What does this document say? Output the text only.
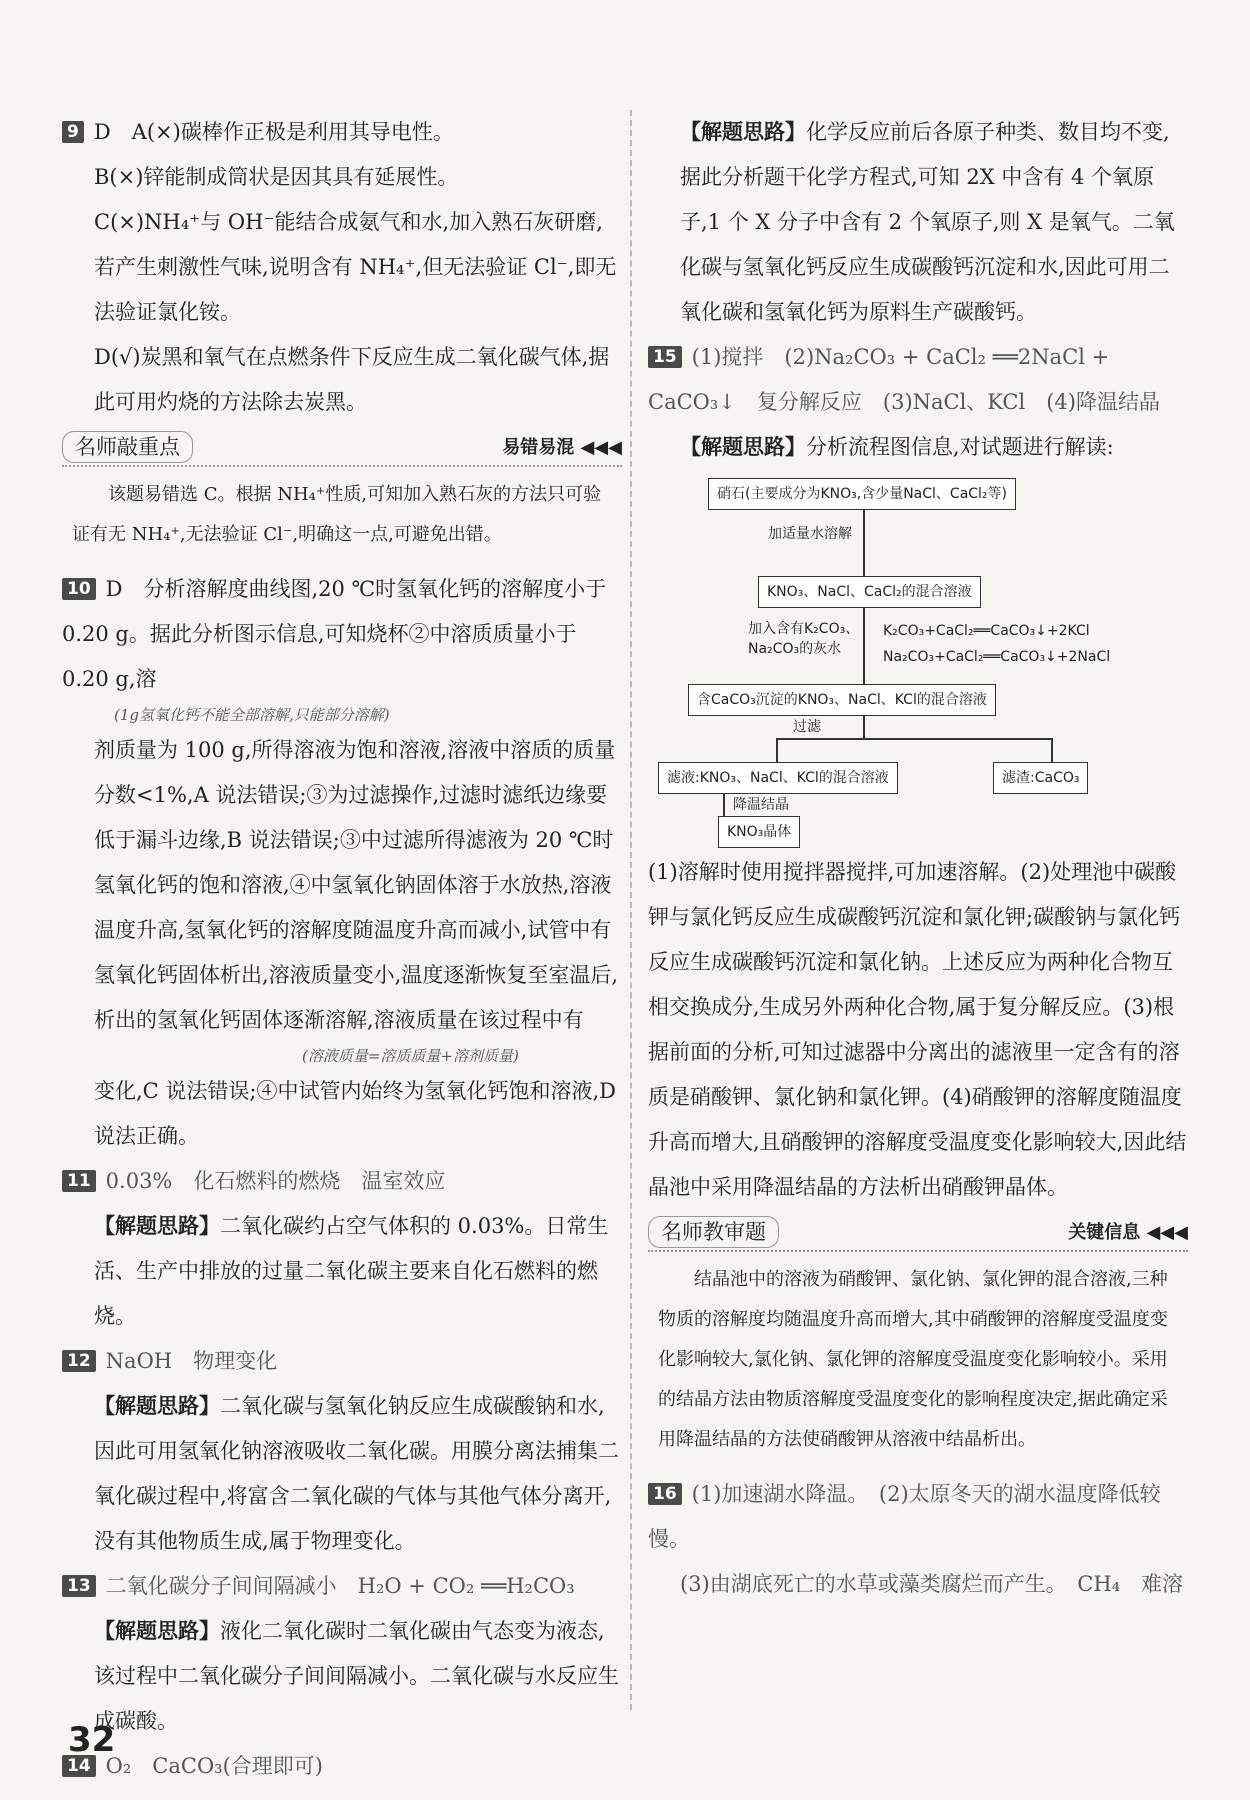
9 D　A(×)碳棒作正极是利用其导电性。

B(×)锌能制成筒状是因其具有延展性。

C(×)NH₄⁺与 OH⁻能结合成氨气和水,加入熟石灰研磨,若产生刺激性气味,说明含有 NH₄⁺,但无法验证 Cl⁻,即无法验证氯化铵。

D(√)炭黑和氧气在点燃条件下反应生成二氧化碳气体,据此可用灼烧的方法除去炭黑。

名师敲重点	易错易混 ◀◀◀
该题易错选 C。根据 NH₄⁺性质,可知加入熟石灰的方法只可验证有无 NH₄⁺,无法验证 Cl⁻,明确这一点,可避免出错。

10 D　分析溶解度曲线图,20 ℃时氢氧化钙的溶解度小于 0.20 g。据此分析图示信息,可知烧杯②中溶质质量小于0.20 g,溶

(1g氢氧化钙不能全部溶解,只能部分溶解)

剂质量为 100 g,所得溶液为饱和溶液,溶液中溶质的质量分数<1%,A 说法错误;③为过滤操作,过滤时滤纸边缘要低于漏斗边缘,B 说法错误;③中过滤所得滤液为 20 ℃时氢氧化钙的饱和溶液,④中氢氧化钠固体溶于水放热,溶液温度升高,氢氧化钙的溶解度随温度升高而减小,试管中有氢氧化钙固体析出,溶液质量变小,温度逐渐恢复至室温后,析出的氢氧化钙固体逐渐溶解,溶液质量在该过程中有

(溶液质量=溶质质量+溶剂质量)

变化,C 说法错误;④中试管内始终为氢氧化钙饱和溶液,D 说法正确。

11 0.03%　化石燃料的燃烧　温室效应

【解题思路】二氧化碳约占空气体积的 0.03%。日常生活、生产中排放的过量二氧化碳主要来自化石燃料的燃烧。

12 NaOH　物理变化

【解题思路】二氧化碳与氢氧化钠反应生成碳酸钠和水,因此可用氢氧化钠溶液吸收二氧化碳。用膜分离法捕集二氧化碳过程中,将富含二氧化碳的气体与其他气体分离开,没有其他物质生成,属于物理变化。

13 二氧化碳分子间间隔减小　H₂O + CO₂ ══H₂CO₃

【解题思路】液化二氧化碳时二氧化碳由气态变为液态,该过程中二氧化碳分子间间隔减小。二氧化碳与水反应生成碳酸。

14 O₂　CaCO₃(合理即可)

【解题思路】化学反应前后各原子种类、数目均不变,据此分析题干化学方程式,可知 2X 中含有 4 个氧原子,1 个 X 分子中含有 2 个氧原子,则 X 是氧气。二氧化碳与氢氧化钙反应生成碳酸钙沉淀和水,因此可用二氧化碳和氢氧化钙为原料生产碳酸钙。

15 (1)搅拌　(2)Na₂CO₃ + CaCl₂ ══2NaCl + CaCO₃↓　复分解反应　(3)NaCl、KCl　(4)降温结晶

【解题思路】分析流程图信息,对试题进行解读:

硝石(主要成分为KNO₃,含少量NaCl、CaCl₂等)
加适量水溶解
KNO₃、NaCl、CaCl₂的混合溶液
加入含有K₂CO₃、
Na₂CO₃的灰水
K₂CO₃+CaCl₂══CaCO₃↓+2KCl
Na₂CO₃+CaCl₂══CaCO₃↓+2NaCl
含CaCO₃沉淀的KNO₃、NaCl、KCl的混合溶液
过滤
滤液:KNO₃、NaCl、KCl的混合溶液	滤渣:CaCO₃
降温结晶
KNO₃晶体

(1)溶解时使用搅拌器搅拌,可加速溶解。(2)处理池中碳酸钾与氯化钙反应生成碳酸钙沉淀和氯化钾;碳酸钠与氯化钙反应生成碳酸钙沉淀和氯化钠。上述反应为两种化合物互相交换成分,生成另外两种化合物,属于复分解反应。(3)根据前面的分析,可知过滤器中分离出的滤液里一定含有的溶质是硝酸钾、氯化钠和氯化钾。(4)硝酸钾的溶解度随温度升高而增大,且硝酸钾的溶解度受温度变化影响较大,因此结晶池中采用降温结晶的方法析出硝酸钾晶体。

名师教审题	关键信息 ◀◀◀
结晶池中的溶液为硝酸钾、氯化钠、氯化钾的混合溶液,三种物质的溶解度均随温度升高而增大,其中硝酸钾的溶解度受温度变化影响较大,氯化钠、氯化钾的溶解度受温度变化影响较小。采用的结晶方法由物质溶解度受温度变化的影响程度决定,据此确定采用降温结晶的方法使硝酸钾从溶液中结晶析出。

16 (1)加速湖水降温。　(2)太原冬天的湖水温度降低较慢。

(3)由湖底死亡的水草或藻类腐烂而产生。　CH₄　难溶

32
